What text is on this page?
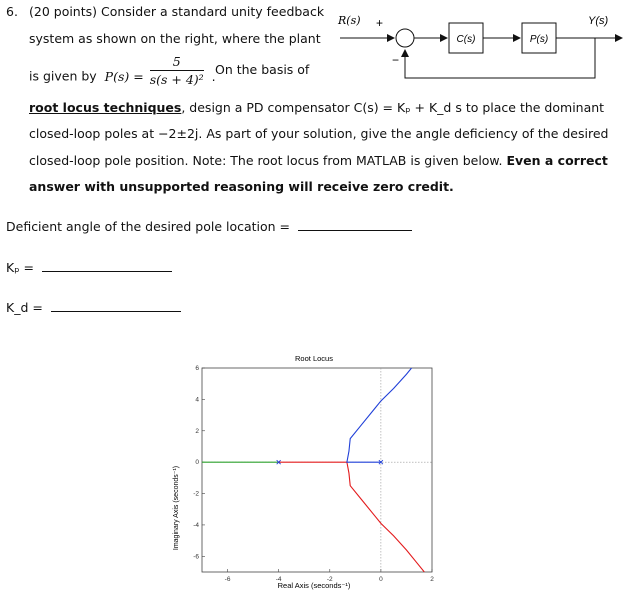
6. (20 points) Consider a standard unity feedback
system as shown on the right, where the plant
is given by $P(s) = \frac{5}{\text{s(s + 4)²}}$ . On the basis of
root locus techniques, design a PD compensator C(s) = Kₚ + K_d s to place the dominant
closed-loop poles at −2±2j. As part of your solution, give the angle deficiency of the desired
closed-loop pole position. Note: The root locus from MATLAB is given below. Even a correct
answer with unsupported reasoning will receive zero credit.
Deficient angle of the desired pole location =
Kₚ =
K_d =
R(s) +
−
C(s)	P(s)
Y(s)
Root Locus
Real Axis (seconds⁻¹)
Imaginary Axis (seconds⁻¹)
-6	-4	-2	0	2
-6
-4
-2
0
2
4
6
